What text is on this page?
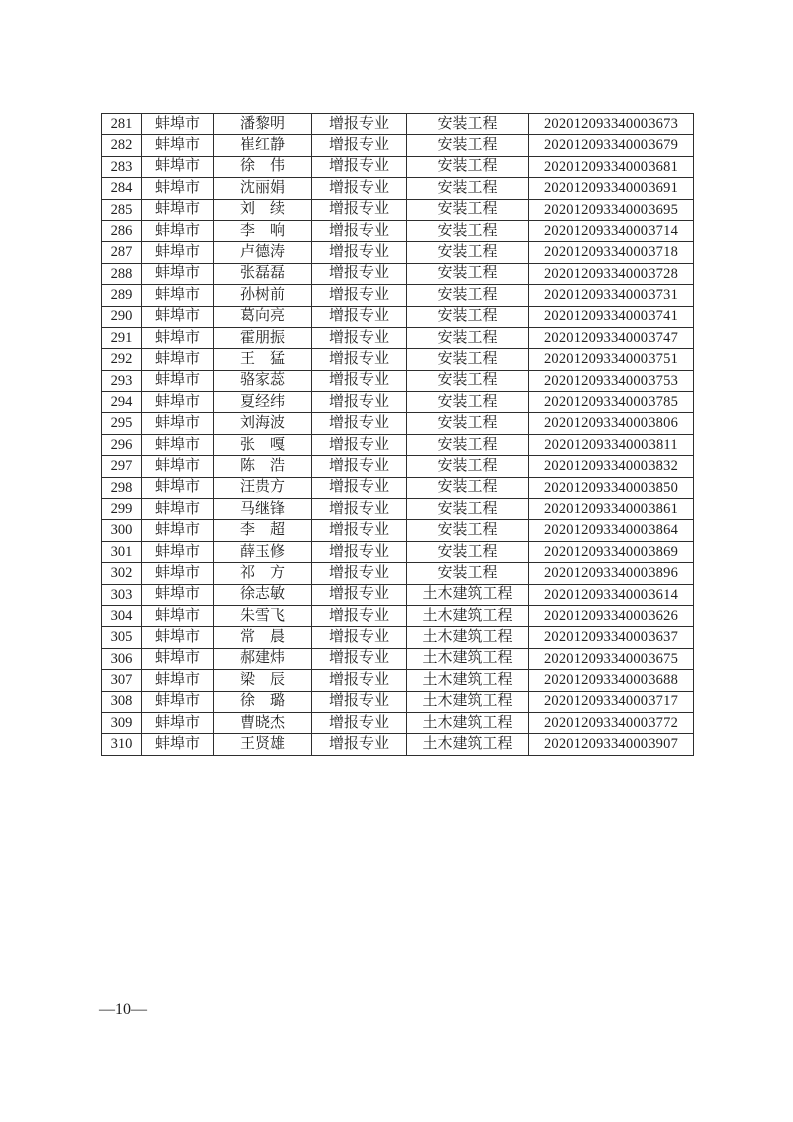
281	蚌埠市	潘黎明	增报专业	安装工程	202012093340003673
282	蚌埠市	崔红静	增报专业	安装工程	202012093340003679
283	蚌埠市	徐　伟	增报专业	安装工程	202012093340003681
284	蚌埠市	沈丽娟	增报专业	安装工程	202012093340003691
285	蚌埠市	刘　续	增报专业	安装工程	202012093340003695
286	蚌埠市	李　响	增报专业	安装工程	202012093340003714
287	蚌埠市	卢德涛	增报专业	安装工程	202012093340003718
288	蚌埠市	张磊磊	增报专业	安装工程	202012093340003728
289	蚌埠市	孙树前	增报专业	安装工程	202012093340003731
290	蚌埠市	葛向亮	增报专业	安装工程	202012093340003741
291	蚌埠市	霍朋振	增报专业	安装工程	202012093340003747
292	蚌埠市	王　猛	增报专业	安装工程	202012093340003751
293	蚌埠市	骆家蕊	增报专业	安装工程	202012093340003753
294	蚌埠市	夏经纬	增报专业	安装工程	202012093340003785
295	蚌埠市	刘海波	增报专业	安装工程	202012093340003806
296	蚌埠市	张　嘎	增报专业	安装工程	202012093340003811
297	蚌埠市	陈　浩	增报专业	安装工程	202012093340003832
298	蚌埠市	汪贵方	增报专业	安装工程	202012093340003850
299	蚌埠市	马继锋	增报专业	安装工程	202012093340003861
300	蚌埠市	李　超	增报专业	安装工程	202012093340003864
301	蚌埠市	薛玉修	增报专业	安装工程	202012093340003869
302	蚌埠市	祁　方	增报专业	安装工程	202012093340003896
303	蚌埠市	徐志敏	增报专业	土木建筑工程	202012093340003614
304	蚌埠市	朱雪飞	增报专业	土木建筑工程	202012093340003626
305	蚌埠市	常　晨	增报专业	土木建筑工程	202012093340003637
306	蚌埠市	郝建炜	增报专业	土木建筑工程	202012093340003675
307	蚌埠市	梁　辰	增报专业	土木建筑工程	202012093340003688
308	蚌埠市	徐　璐	增报专业	土木建筑工程	202012093340003717
309	蚌埠市	曹晓杰	增报专业	土木建筑工程	202012093340003772
310	蚌埠市	王贤雄	增报专业	土木建筑工程	202012093340003907
—10—
